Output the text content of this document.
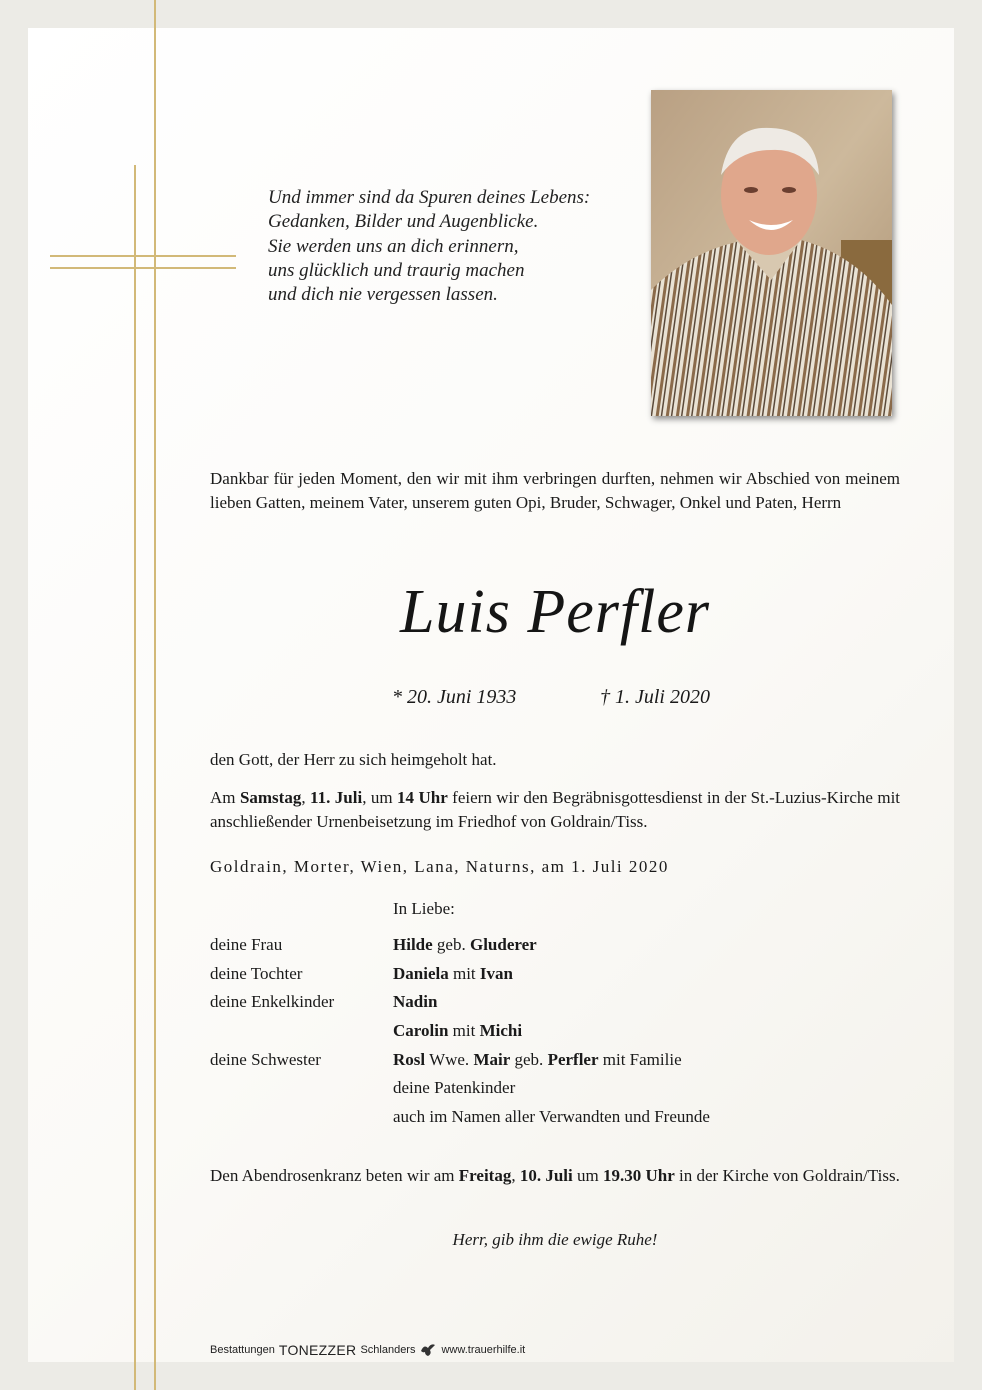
Und immer sind da Spuren deines Lebens:
Gedanken, Bilder und Augenblicke.
Sie werden uns an dich erinnern,
uns glücklich und traurig machen
und dich nie vergessen lassen.
Dankbar für jeden Moment, den wir mit ihm verbringen durften, nehmen wir Abschied von meinem lieben Gatten, meinem Vater, unserem guten Opi, Bruder, Schwager, Onkel und Paten, Herrn
Luis Perfler
* 20. Juni 1933	† 1. Juli 2020
den Gott, der Herr zu sich heimgeholt hat.
Am Samstag, 11. Juli, um 14 Uhr feiern wir den Begräbnisgottesdienst in der St.-Luzius-Kirche mit anschließender Urnenbeisetzung im Friedhof von Goldrain/Tiss.
Goldrain, Morter, Wien, Lana, Naturns, am 1. Juli 2020
In Liebe:
deine Frau	Hilde geb. Gluderer
deine Tochter	Daniela mit Ivan
deine Enkelkinder	Nadin
Carolin mit Michi
deine Schwester	Rosl Wwe. Mair geb. Perfler mit Familie
deine Patenkinder
auch im Namen aller Verwandten und Freunde
Den Abendrosenkranz beten wir am Freitag, 10. Juli um 19.30 Uhr in der Kirche von Goldrain/Tiss.
Herr, gib ihm die ewige Ruhe!
Bestattungen TONEZZER Schlanders www.trauerhilfe.it
